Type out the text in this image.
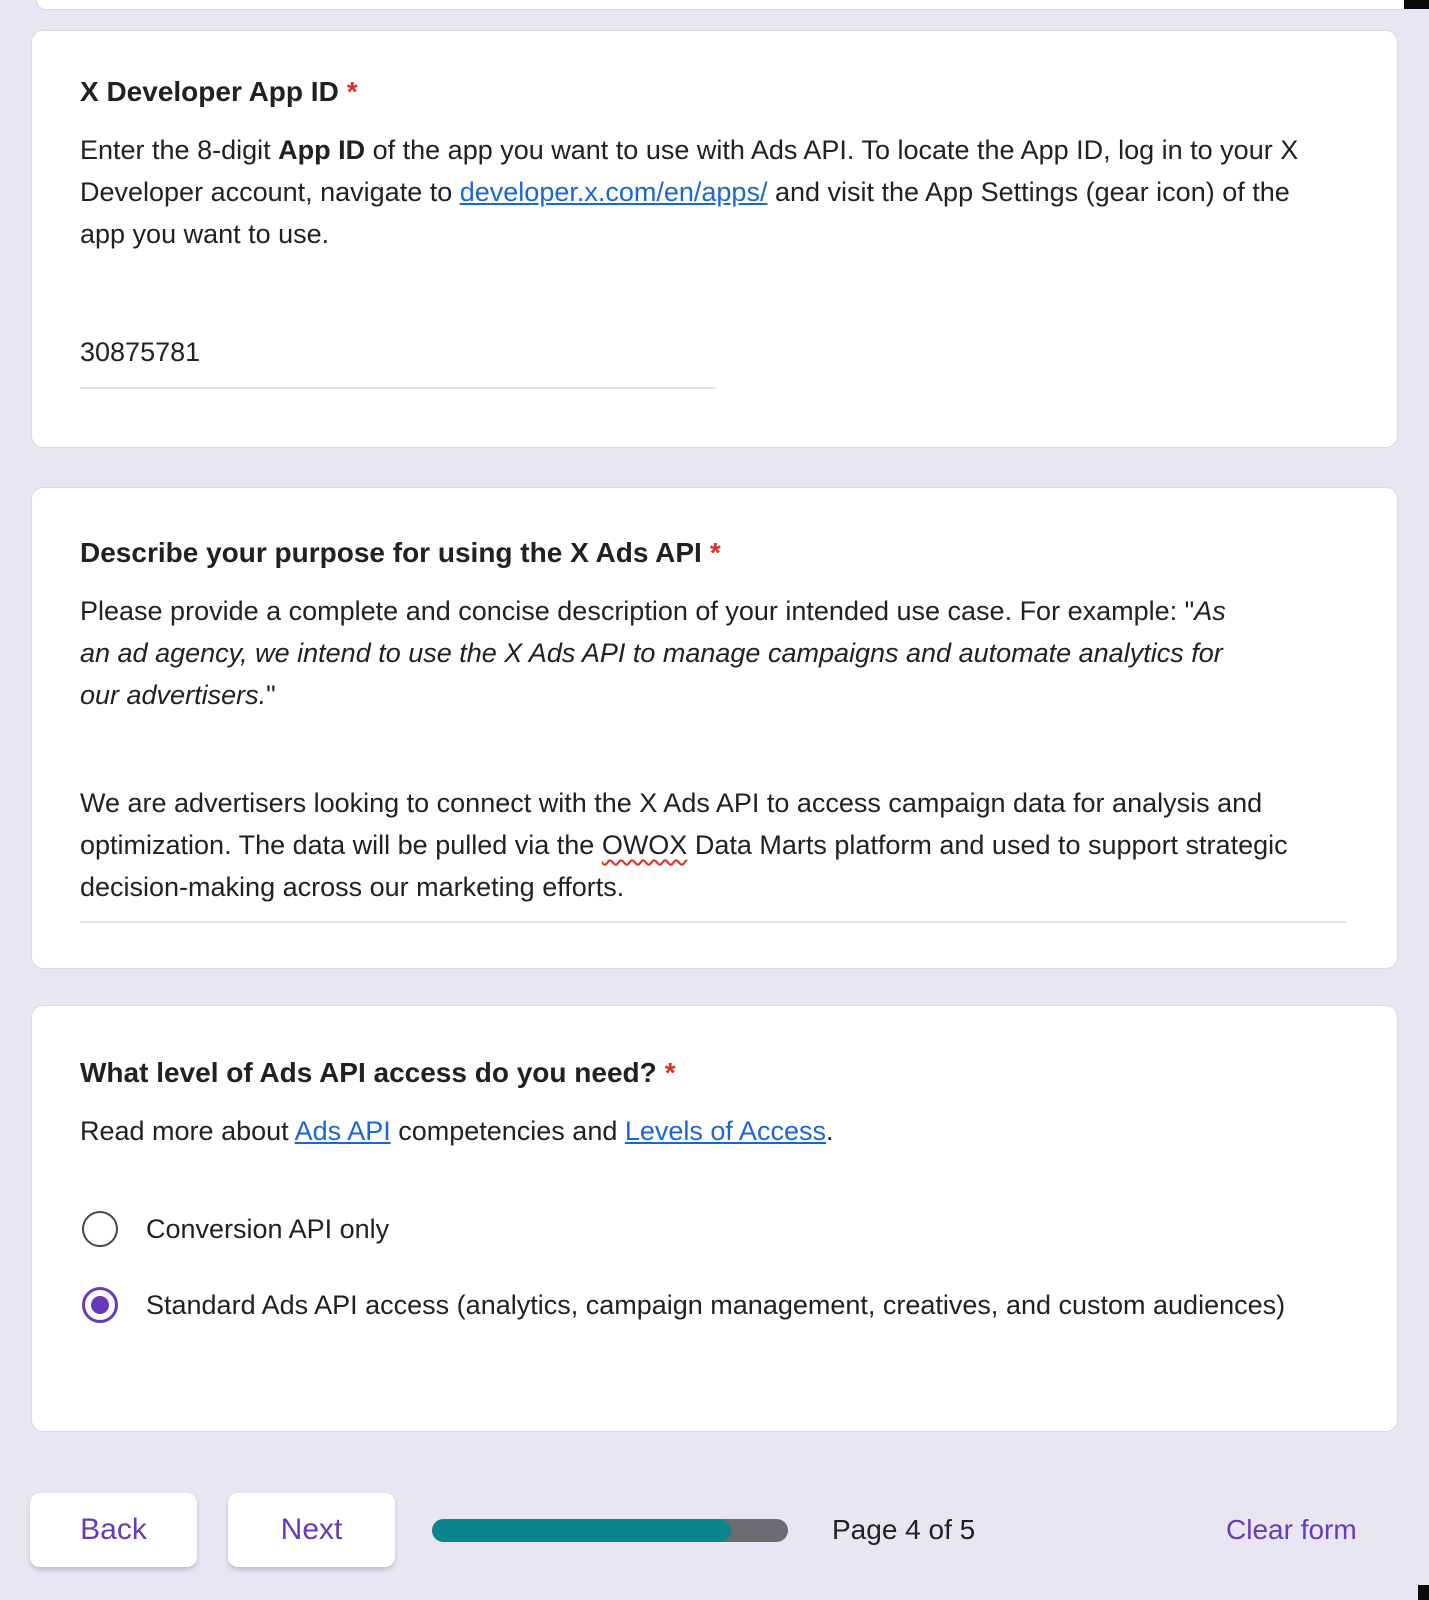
X Developer App ID *

Enter the 8-digit App ID of the app you want to use with Ads API. To locate the App ID, log in to your X Developer account, navigate to developer.x.com/en/apps/ and visit the App Settings (gear icon) of the app you want to use.

30875781
Describe your purpose for using the X Ads API *

Please provide a complete and concise description of your intended use case. For example: "As an ad agency, we intend to use the X Ads API to manage campaigns and automate analytics for our advertisers."

We are advertisers looking to connect with the X Ads API to access campaign data for analysis and optimization. The data will be pulled via the OWOX Data Marts platform and used to support strategic decision-making across our marketing efforts.

What level of Ads API access do you need? *

Read more about Ads API competencies and Levels of Access.

Conversion API only
Standard Ads API access (analytics, campaign management, creatives, and custom audiences)
Back	Next	Page 4 of 5	Clear form
